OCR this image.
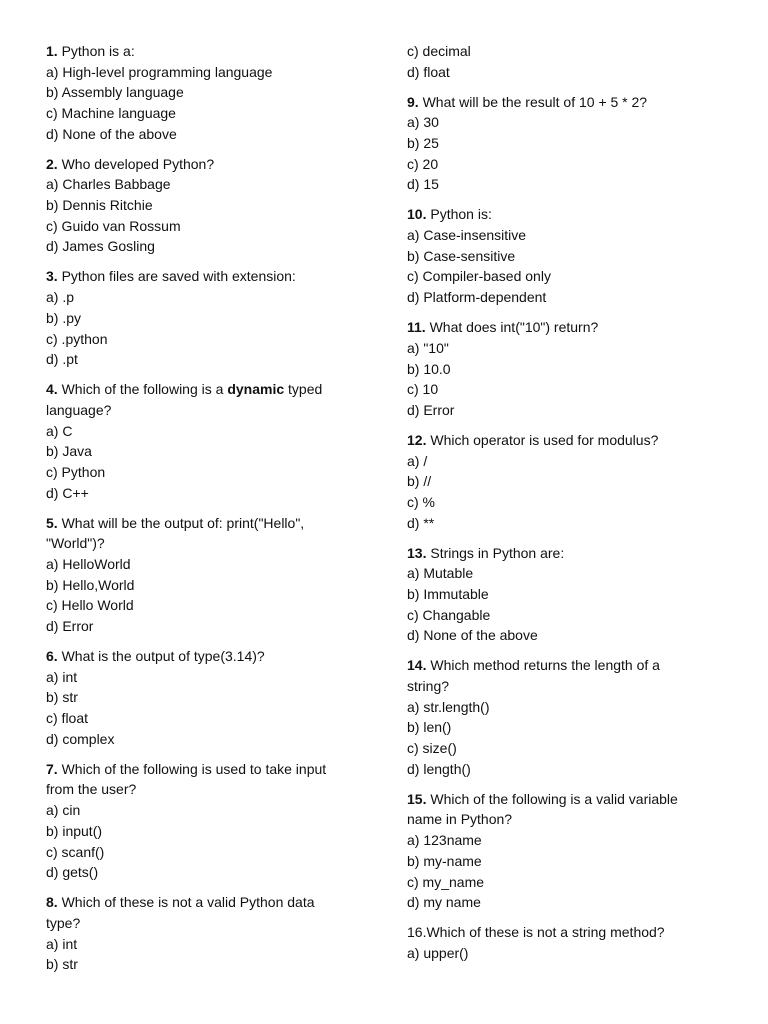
1. Python is a:
a) High-level programming language
b) Assembly language
c) Machine language
d) None of the above
2. Who developed Python?
a) Charles Babbage
b) Dennis Ritchie
c) Guido van Rossum
d) James Gosling
3. Python files are saved with extension:
a) .p
b) .py
c) .python
d) .pt
4. Which of the following is a dynamic typed
language?
a) C
b) Java
c) Python
d) C++
5. What will be the output of: print("Hello",
"World")?
a) HelloWorld
b) Hello,World
c) Hello World
d) Error
6. What is the output of type(3.14)?
a) int
b) str
c) float
d) complex
7. Which of the following is used to take input
from the user?
a) cin
b) input()
c) scanf()
d) gets()
8. Which of these is not a valid Python data
type?
a) int
b) str
c) decimal
d) float
9. What will be the result of 10 + 5 * 2?
a) 30
b) 25
c) 20
d) 15
10. Python is:
a) Case-insensitive
b) Case-sensitive
c) Compiler-based only
d) Platform-dependent
11. What does int("10") return?
a) "10"
b) 10.0
c) 10
d) Error
12. Which operator is used for modulus?
a) /
b) //
c) %
d) **
13. Strings in Python are:
a) Mutable
b) Immutable
c) Changable
d) None of the above
14. Which method returns the length of a
string?
a) str.length()
b) len()
c) size()
d) length()
15. Which of the following is a valid variable
name in Python?
a) 123name
b) my-name
c) my_name
d) my name
16.Which of these is not a string method?
a) upper()
